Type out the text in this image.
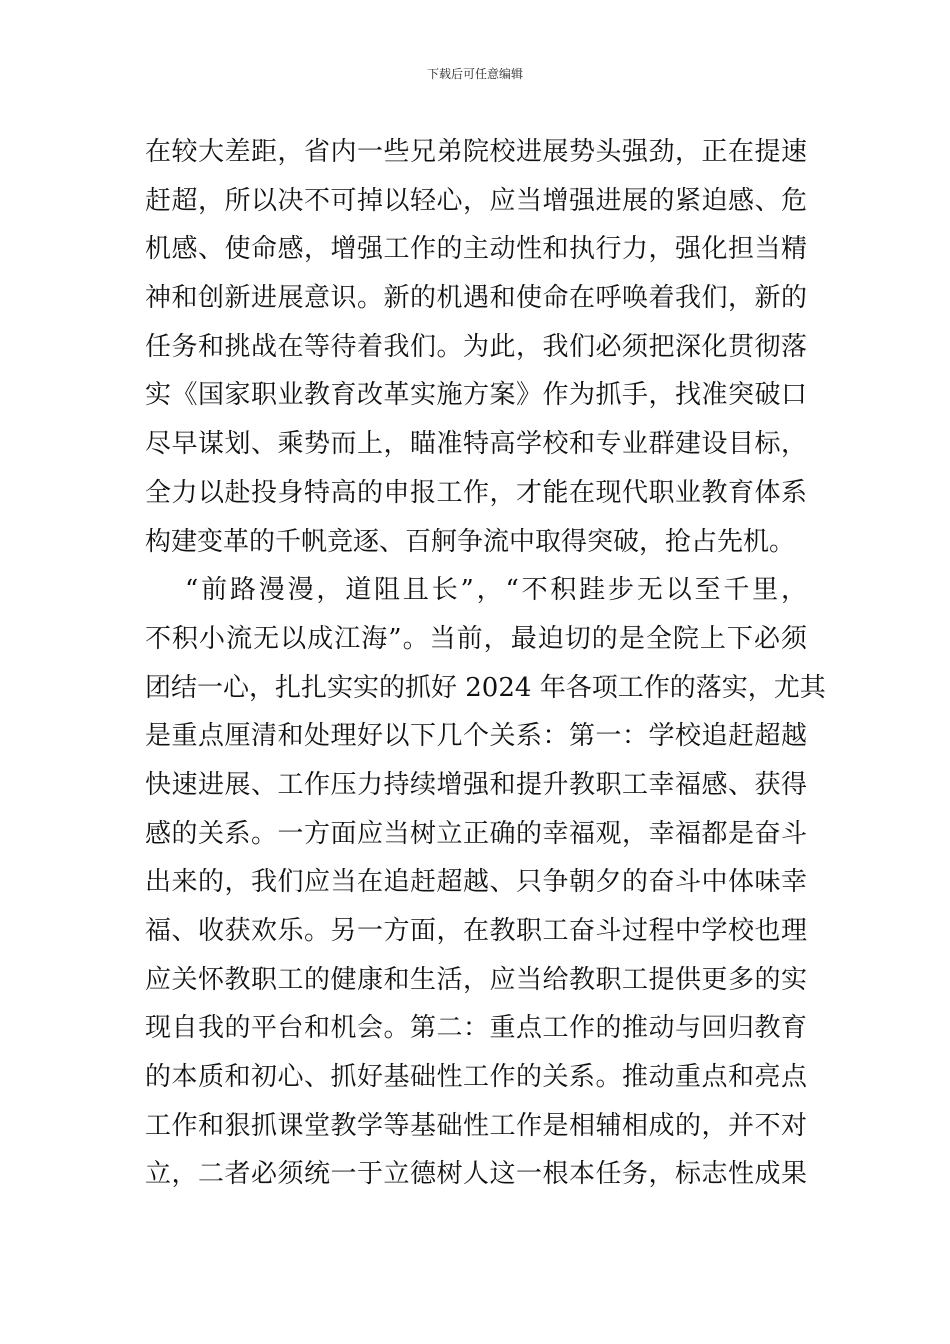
下载后可任意编辑
在较大差距，省内一些兄弟院校进展势头强劲，正在提速
赶超，所以决不可掉以轻心，应当增强进展的紧迫感、危
机感、使命感，增强工作的主动性和执行力，强化担当精
神和创新进展意识。新的机遇和使命在呼唤着我们，新的
任务和挑战在等待着我们。为此，我们必须把深化贯彻落
实《国家职业教育改革实施方案》作为抓手，找准突破口
尽早谋划、乘势而上，瞄准特高学校和专业群建设目标，
全力以赴投身特高的申报工作，才能在现代职业教育体系
构建变革的千帆竞逐、百舸争流中取得突破，抢占先机。
“前路漫漫，道阻且长”，“不积跬步无以至千里，
不积小流无以成江海”。当前，最迫切的是全院上下必须
团结一心，扎扎实实的抓好 2024 年各项工作的落实，尤其
是重点厘清和处理好以下几个关系：第一：学校追赶超越
快速进展、工作压力持续增强和提升教职工幸福感、获得
感的关系。一方面应当树立正确的幸福观，幸福都是奋斗
出来的，我们应当在追赶超越、只争朝夕的奋斗中体味幸
福、收获欢乐。另一方面，在教职工奋斗过程中学校也理
应关怀教职工的健康和生活，应当给教职工提供更多的实
现自我的平台和机会。第二：重点工作的推动与回归教育
的本质和初心、抓好基础性工作的关系。推动重点和亮点
工作和狠抓课堂教学等基础性工作是相辅相成的，并不对
立，二者必须统一于立德树人这一根本任务，标志性成果
